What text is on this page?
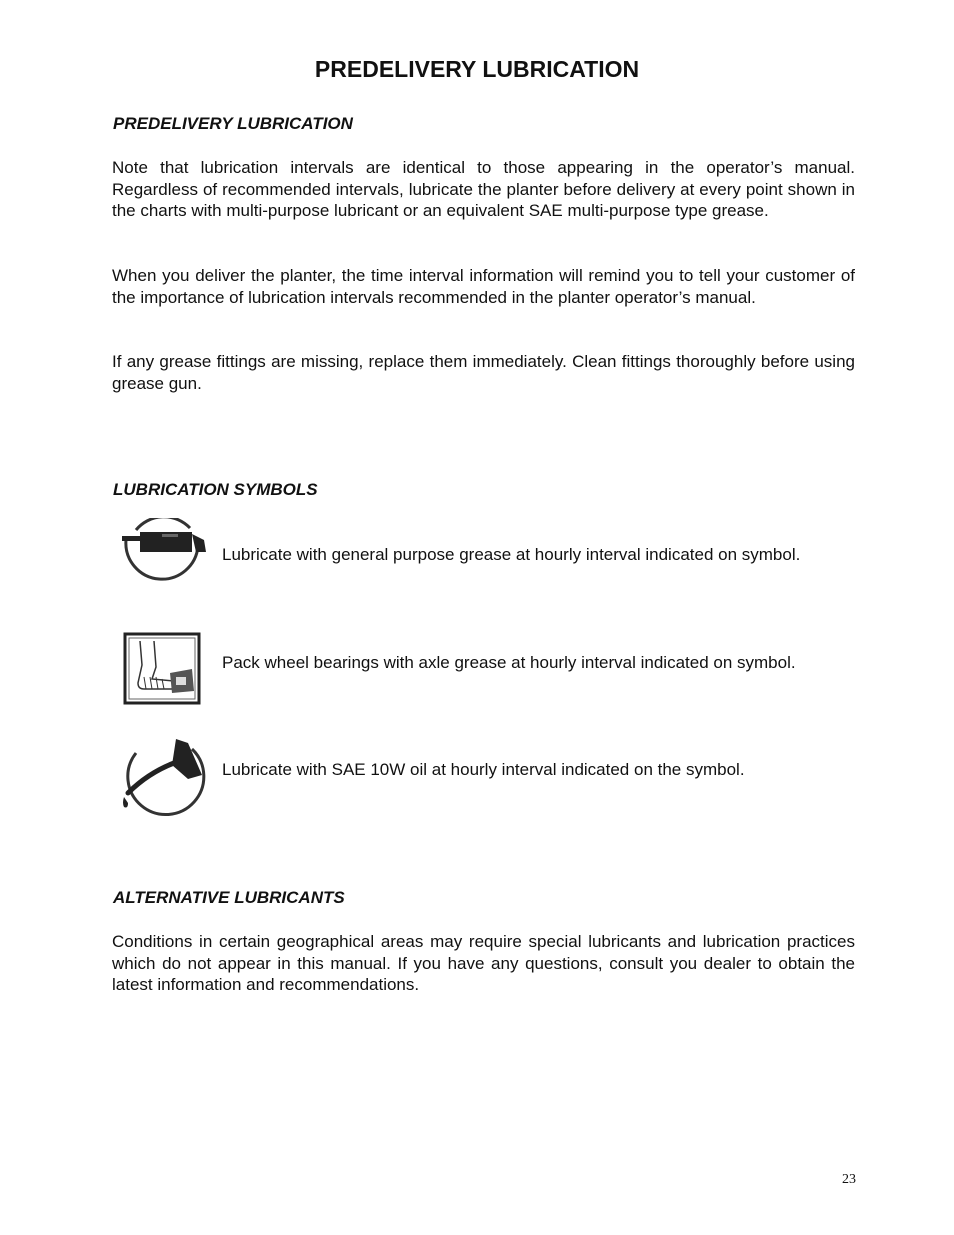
PREDELIVERY LUBRICATION
PREDELIVERY LUBRICATION

Note that lubrication intervals are identical to those appearing in the operator’s manual. Regardless of recommended intervals, lubricate the planter before delivery at every point shown in the charts with multi-purpose lubricant or an equivalent SAE multi-purpose type grease.

When you deliver the planter, the time interval information will remind you to tell your customer of the importance of lubrication intervals recommended in the planter operator’s manual.

If any grease fittings are missing, replace them immediately. Clean fittings thoroughly before using grease gun.

LUBRICATION SYMBOLS

Lubricate with general purpose grease at hourly interval indicated on symbol.

Pack wheel bearings with axle grease at hourly interval indicated on symbol.

Lubricate with SAE 10W oil at hourly interval indicated on the symbol.

ALTERNATIVE LUBRICANTS

Conditions in certain geographical areas may require special lubricants and lubrication practices which do not appear in this manual. If you have any questions, consult you dealer to obtain the latest information and recommendations.

23
